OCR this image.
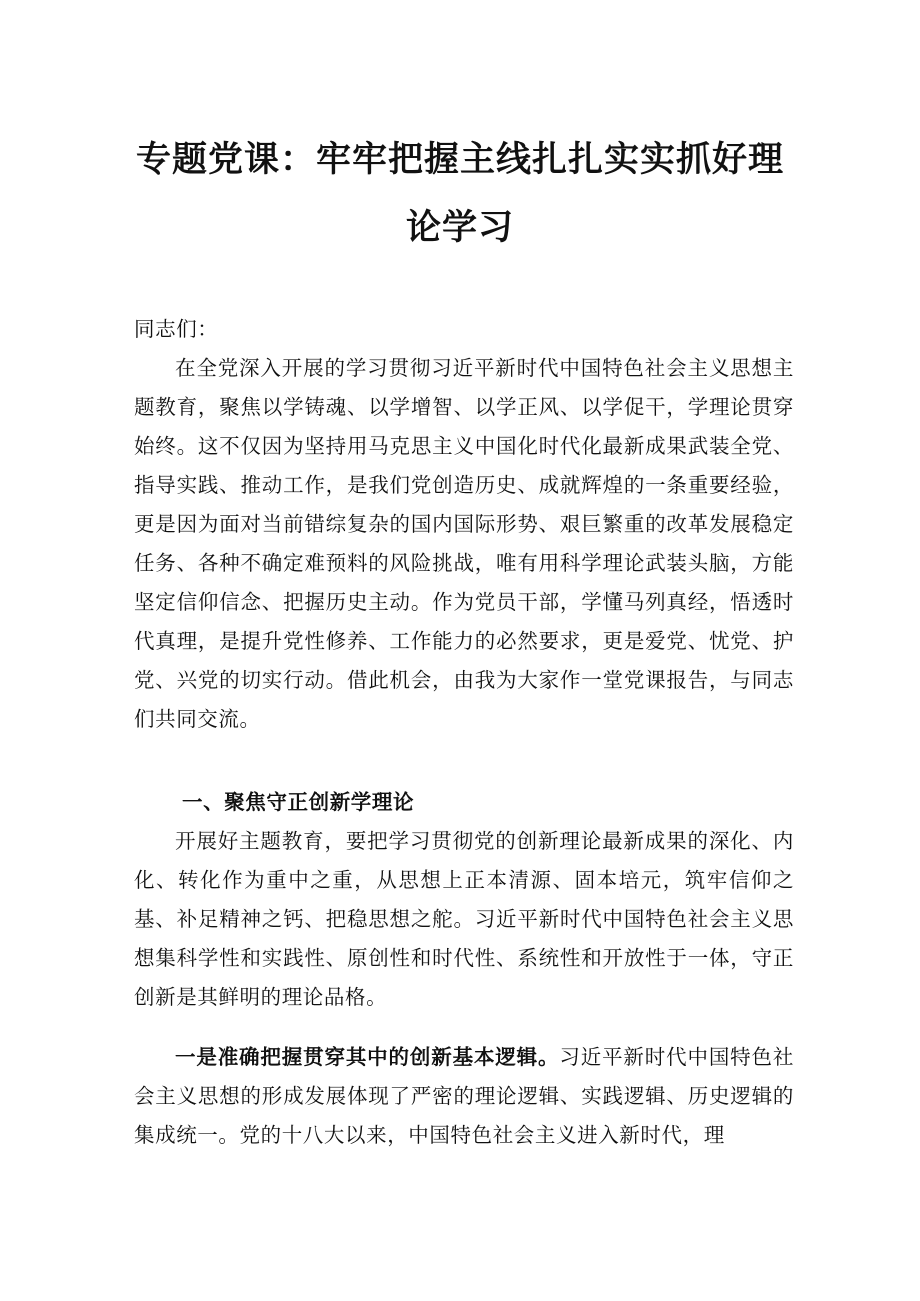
专题党课：牢牢把握主线扎扎实实抓好理
论学习
同志们：

在全党深入开展的学习贯彻习近平新时代中国特色社会主义思想主题教育，聚焦以学铸魂、以学增智、以学正风、以学促干，学理论贯穿始终。这不仅因为坚持用马克思主义中国化时代化最新成果武装全党、指导实践、推动工作，是我们党创造历史、成就辉煌的一条重要经验，更是因为面对当前错综复杂的国内国际形势、艰巨繁重的改革发展稳定任务、各种不确定难预料的风险挑战，唯有用科学理论武装头脑，方能坚定信仰信念、把握历史主动。作为党员干部，学懂马列真经，悟透时代真理，是提升党性修养、工作能力的必然要求，更是爱党、忧党、护党、兴党的切实行动。借此机会，由我为大家作一堂党课报告，与同志们共同交流。

一、聚焦守正创新学理论

开展好主题教育，要把学习贯彻党的创新理论最新成果的深化、内化、转化作为重中之重，从思想上正本清源、固本培元，筑牢信仰之基、补足精神之钙、把稳思想之舵。习近平新时代中国特色社会主义思想集科学性和实践性、原创性和时代性、系统性和开放性于一体，守正创新是其鲜明的理论品格。

一是准确把握贯穿其中的创新基本逻辑。习近平新时代中国特色社会主义思想的形成发展体现了严密的理论逻辑、实践逻辑、历史逻辑的集成统一。党的十八大以来，中国特色社会主义进入新时代，理
